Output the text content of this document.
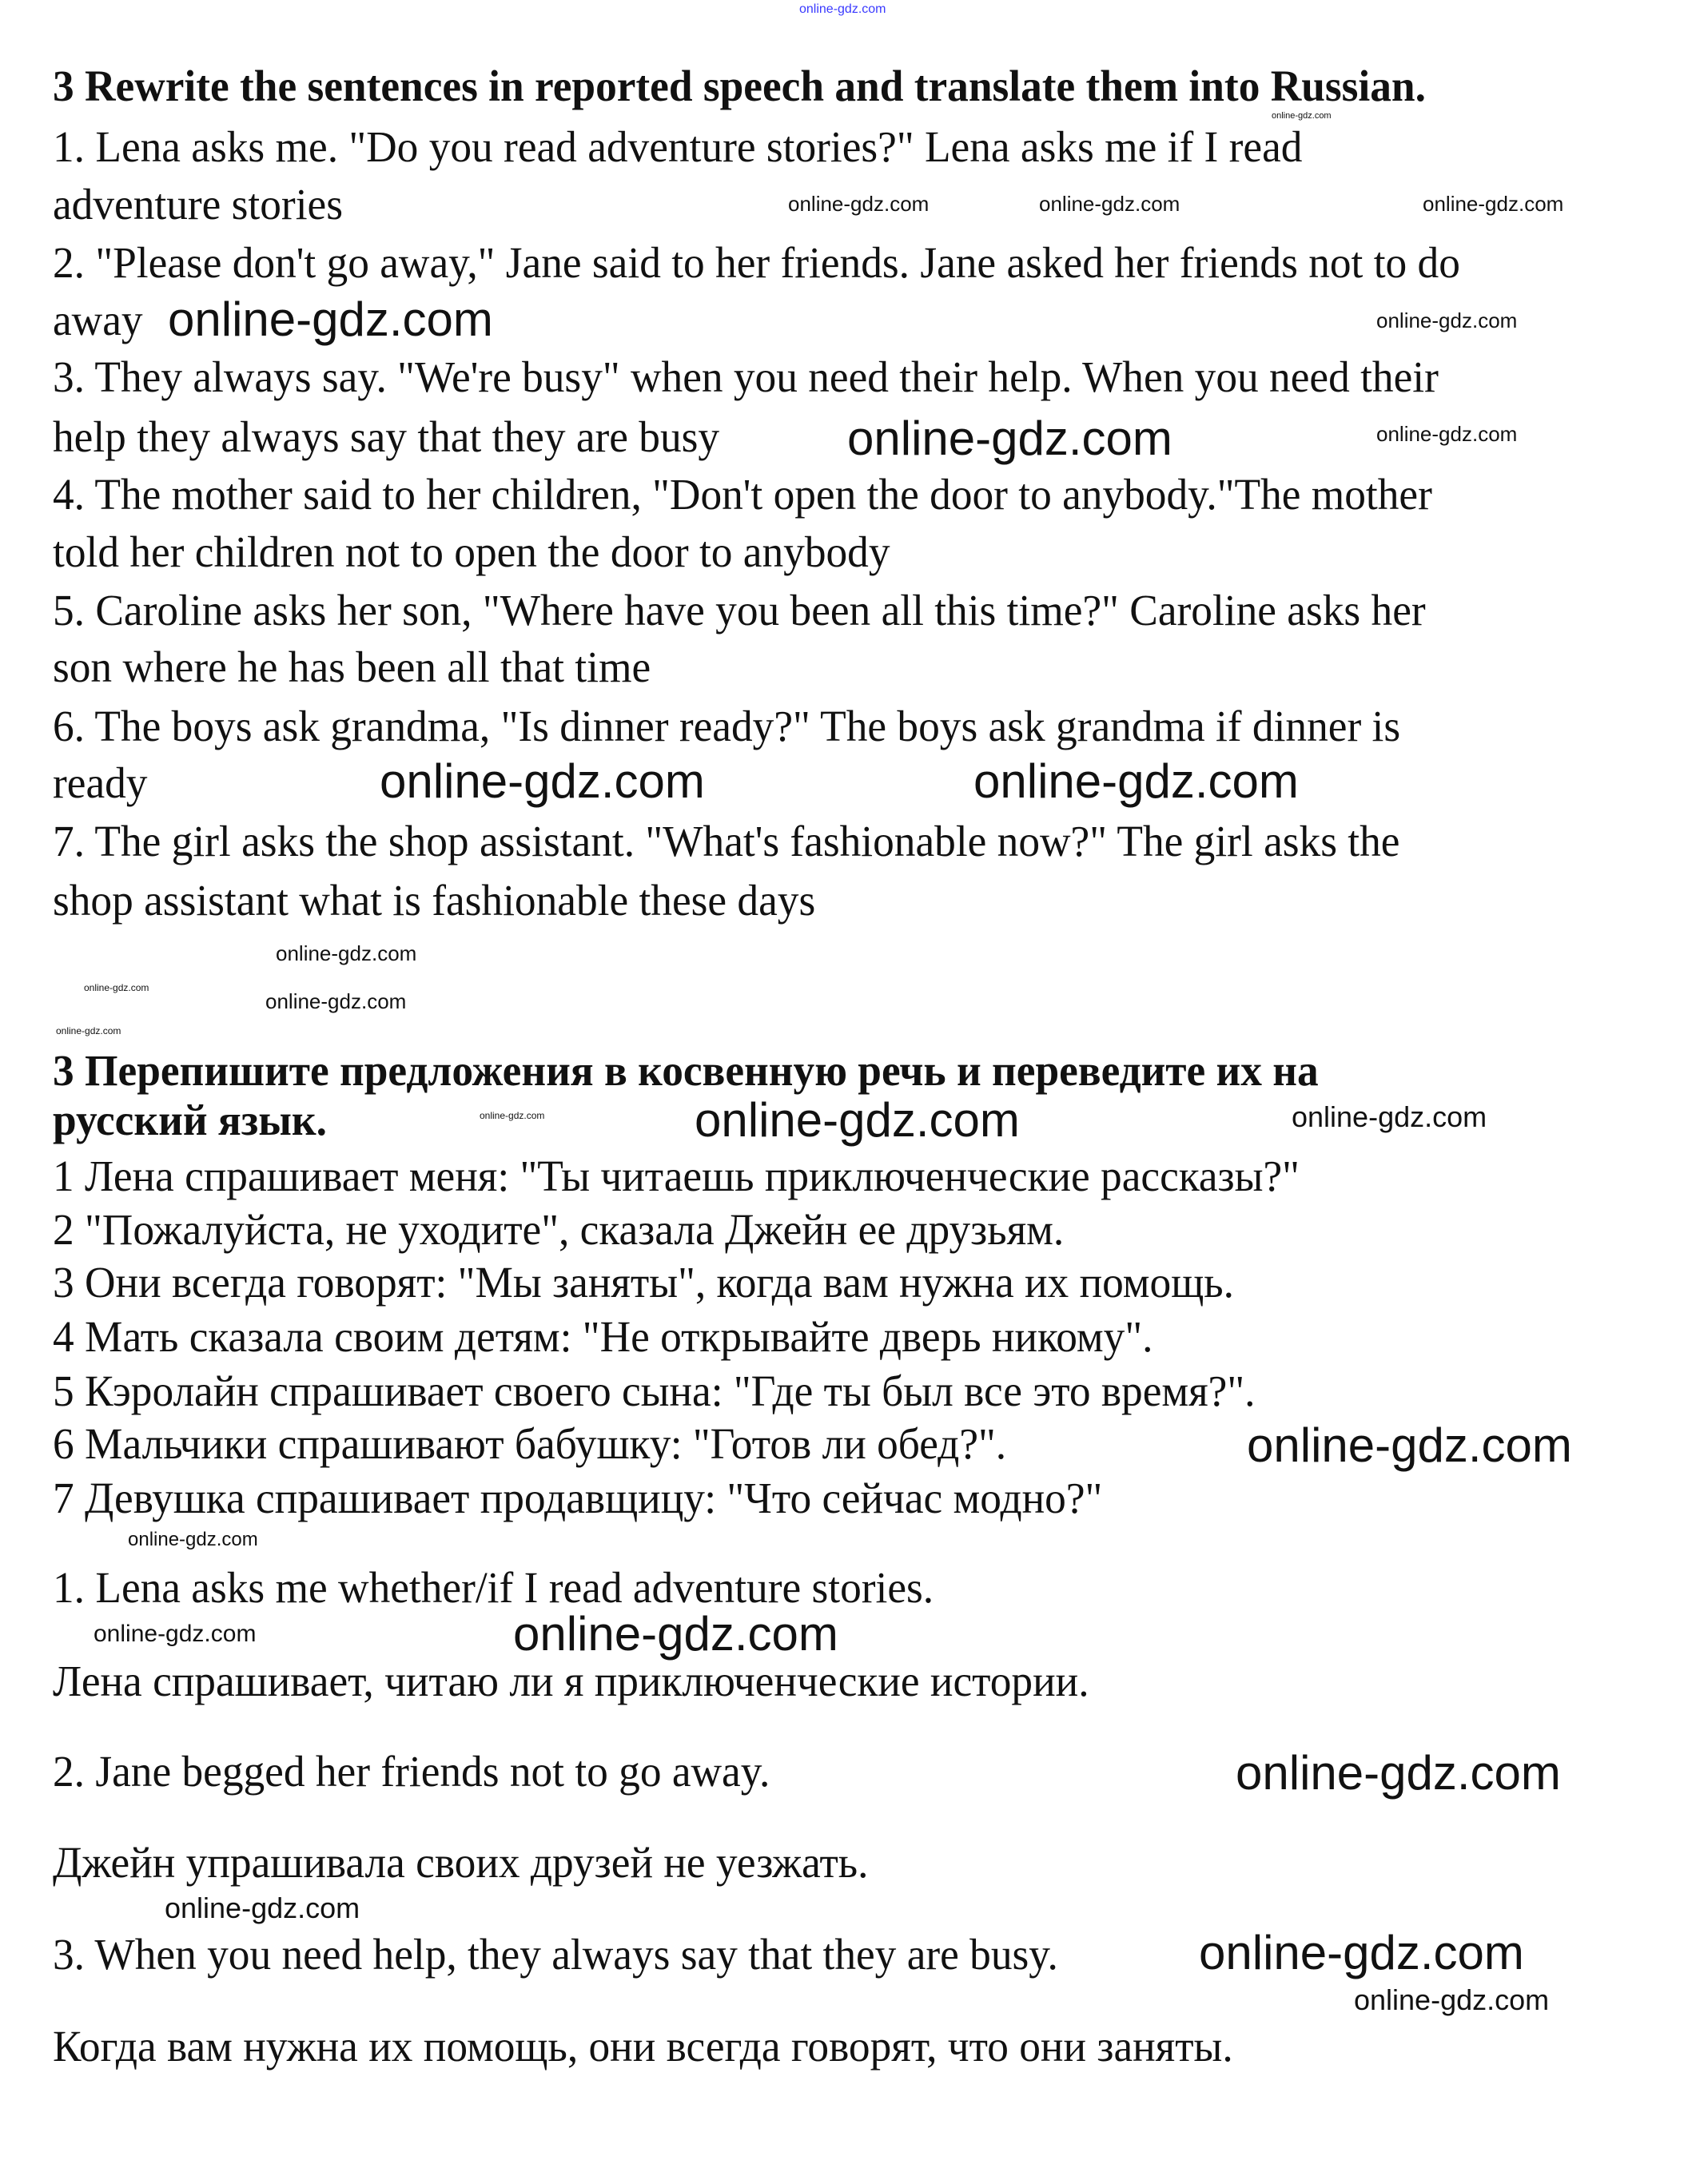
3 Rewrite the sentences in reported speech and translate them into Russian.
1. Lena asks me. "Do you read adventure stories?" Lena asks me if I read
adventure stories
2. "Please don't go away," Jane said to her friends. Jane asked her friends not to do
away
3. They always say. "We're busy" when you need their help. When you need their
help they always say that they are busy
4. The mother said to her children, "Don't open the door to anybody."The mother
told her children not to open the door to anybody
5. Caroline asks her son, "Where have you been all this time?" Caroline asks her
son where he has been all that time
6. The boys ask grandma, "Is dinner ready?" The boys ask grandma if dinner is
ready
7. The girl asks the shop assistant. "What's fashionable now?" The girl asks the
shop assistant what is fashionable these days
3 Перепишите предложения в косвенную речь и переведите их на
русский язык.
1 Лена спрашивает меня: "Ты читаешь приключенческие рассказы?"
2 "Пожалуйста, не уходите", сказала Джейн ее друзьям.
3 Они всегда говорят: "Мы заняты", когда вам нужна их помощь.
4 Мать сказала своим детям: "Не открывайте дверь никому".
5 Кэролайн спрашивает своего сына: "Где ты был все это время?".
6 Мальчики спрашивают бабушку: "Готов ли обед?".
7 Девушка спрашивает продавщицу: "Что сейчас модно?"
1. Lena asks me whether/if I read adventure stories.
Лена спрашивает, читаю ли я приключенческие истории.
2. Jane begged her friends not to go away.
Джейн упрашивала своих друзей не уезжать.
3. When you need help, they always say that they are busy.
Когда вам нужна их помощь, они всегда говорят, что они заняты.
online-gdz.com
online-gdz.com
online-gdz.com
online-gdz.com	online-gdz.com
online-gdz.com
online-gdz.com
online-gdz.com	online-gdz.com
online-gdz.com
online-gdz.com
online-gdz.com
online-gdz.com	online-gdz.com
online-gdz.com
online-gdz.com
online-gdz.com
online-gdz.com
online-gdz.com
online-gdz.com
online-gdz.com
online-gdz.com
online-gdz.com
online-gdz.com
online-gdz.com
online-gdz.com
